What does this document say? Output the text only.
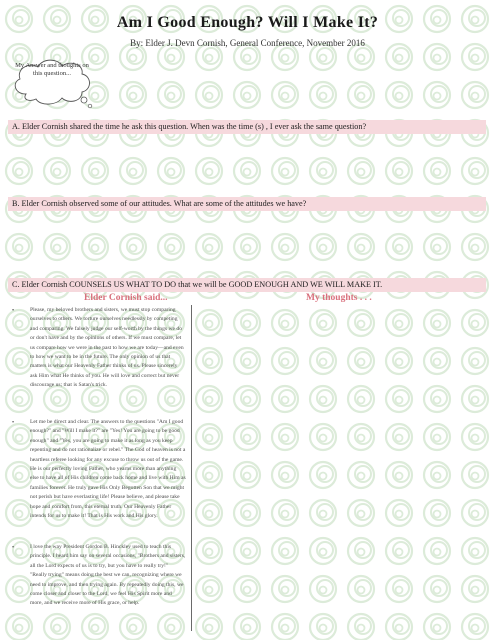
Am I Good Enough? Will I Make It?
By: Elder J. Devn Cornish, General Conference, November 2016
My Answer and thoughts on this question...
A. Elder Cornish shared the time he ask this question. When was the time (s) , I ever ask the same question?
B. Elder Cornish observed some of our attitudes. What are some of the attitudes we have?
C. Elder Cornish COUNSELS US WHAT TO DO that we will be GOOD ENOUGH AND WE WILL MAKE IT.
Elder Cornish said...	My thoughts . . .
•	Please, my beloved brothers and sisters, we must stop comparing ourselves to others. We torture ourselves needlessly by competing and comparing. We falsely judge our self-worth by the things we do or don't have and by the opinions of others. If we must compare, let us compare how we were in the past to how we are today—and even to how we want to be in the future. The only opinion of us that matters is what our Heavenly Father thinks of us. Please sincerely ask Him what He thinks of you. He will love and correct but never discourage us; that is Satan's trick.
•	Let me be direct and clear. The answers to the questions "Am I good enough?" and "Will I make it?" are "Yes! You are going to be good enough" and "Yes, you are going to make it as long as you keep repenting and do not rationalize or rebel." The God of heaven is not a heartless referee looking for any excuse to throw us out of the game. He is our perfectly loving Father, who yearns more than anything else to have all of His children come back home and live with Him as families forever. He truly gave His Only Begotten Son that we might not perish but have everlasting life! Please believe, and please take hope and comfort from, this eternal truth. Our Heavenly Father intends for us to make it! That is His work and His glory.
•	I love the way President Gordon B. Hinckley used to teach this principle. I heard him say on several occasions, "Brothers and sisters, all the Lord expects of us is to try, but you have to really try!" "Really trying" means doing the best we can, recognizing where we need to improve, and then trying again. By repeatedly doing this, we come closer and closer to the Lord, we feel His Spirit more and more, and we receive more of His grace, or help.
